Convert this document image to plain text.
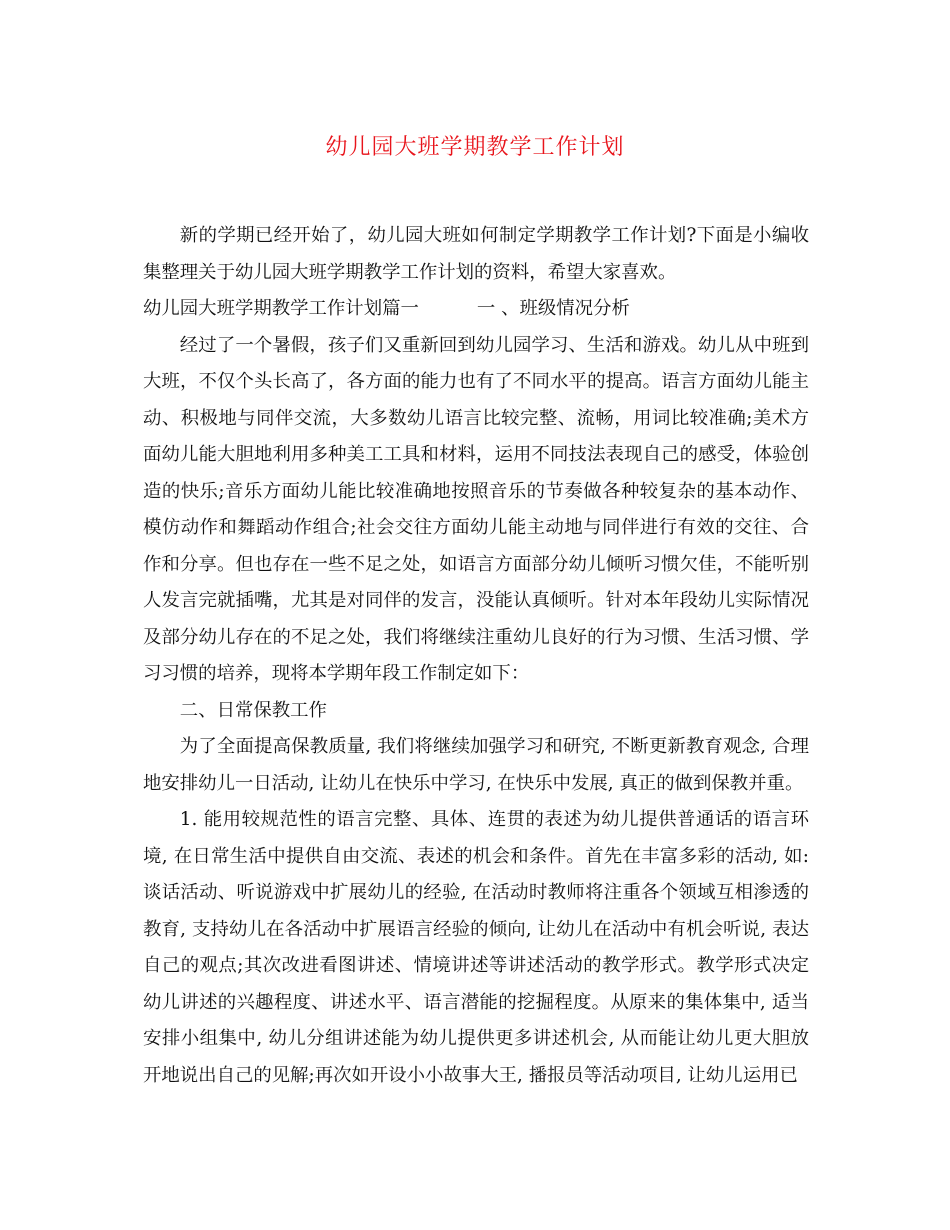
幼儿园大班学期教学工作计划

新的学期已经开始了，幼儿园大班如何制定学期教学工作计划?下面是小编收集整理关于幼儿园大班学期教学工作计划的资料，希望大家喜欢。

幼儿园大班学期教学工作计划篇一	一 、班级情况分析

经过了一个暑假，孩子们又重新回到幼儿园学习、生活和游戏。幼儿从中班到大班，不仅个头长高了，各方面的能力也有了不同水平的提高。语言方面幼儿能主动、积极地与同伴交流，大多数幼儿语言比较完整、流畅，用词比较准确;美术方面幼儿能大胆地利用多种美工工具和材料，运用不同技法表现自己的感受，体验创造的快乐;音乐方面幼儿能比较准确地按照音乐的节奏做各种较复杂的基本动作、模仿动作和舞蹈动作组合;社会交往方面幼儿能主动地与同伴进行有效的交往、合作和分享。但也存在一些不足之处，如语言方面部分幼儿倾听习惯欠佳，不能听别人发言完就插嘴，尤其是对同伴的发言，没能认真倾听。针对本年段幼儿实际情况及部分幼儿存在的不足之处，我们将继续注重幼儿良好的行为习惯、生活习惯、学习习惯的培养，现将本学期年段工作制定如下：

二、日常保教工作

为了全面提高保教质量, 我们将继续加强学习和研究, 不断更新教育观念, 合理地安排幼儿一日活动, 让幼儿在快乐中学习, 在快乐中发展, 真正的做到保教并重。

1. 能用较规范性的语言完整、具体、连贯的表述为幼儿提供普通话的语言环境, 在日常生活中提供自由交流、表述的机会和条件。首先在丰富多彩的活动, 如: 谈话活动、听说游戏中扩展幼儿的经验, 在活动时教师将注重各个领域互相渗透的教育, 支持幼儿在各活动中扩展语言经验的倾向, 让幼儿在活动中有机会听说, 表达自己的观点;其次改进看图讲述、情境讲述等讲述活动的教学形式。教学形式决定幼儿讲述的兴趣程度、讲述水平、语言潜能的挖掘程度。从原来的集体集中, 适当安排小组集中, 幼儿分组讲述能为幼儿提供更多讲述机会, 从而能让幼儿更大胆放开地说出自己的见解;再次如开设小小故事大王, 播报员等活动项目, 让幼儿运用已
